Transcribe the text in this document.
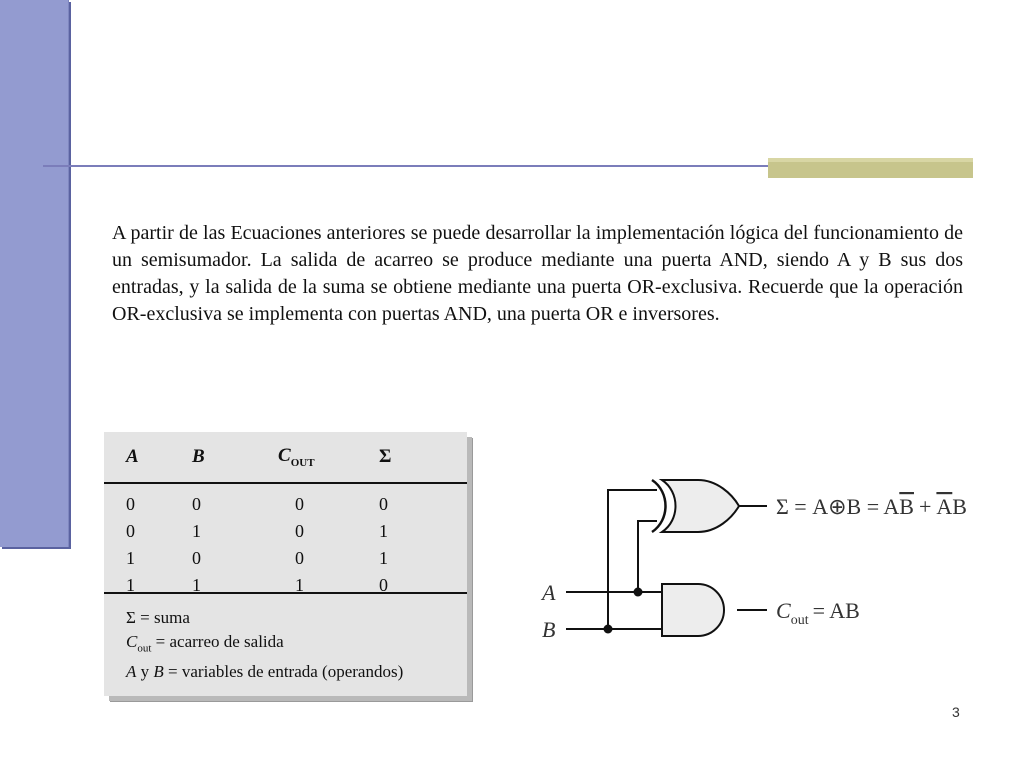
A partir de las Ecuaciones anteriores se puede desarrollar la implementación lógica del funcionamiento de un semisumador. La salida de acarreo se produce mediante una puerta AND, siendo A y B sus dos entradas, y la salida de la suma se obtiene mediante una puerta OR-exclusiva. Recuerde que la operación OR-exclusiva se implementa con puertas AND, una puerta OR e inversores.

A	B	$C_{OUT}$	Σ
0	0	0	0
0	1	0	1
1	0	0	1
1	1	1	0
Σ = suma
$C_{out}$ = acarreo de salida
A y B = variables de entrada (operandos)
A
B
Σ = A⊕B = AB + AB
$C_{out}$ = AB
3
